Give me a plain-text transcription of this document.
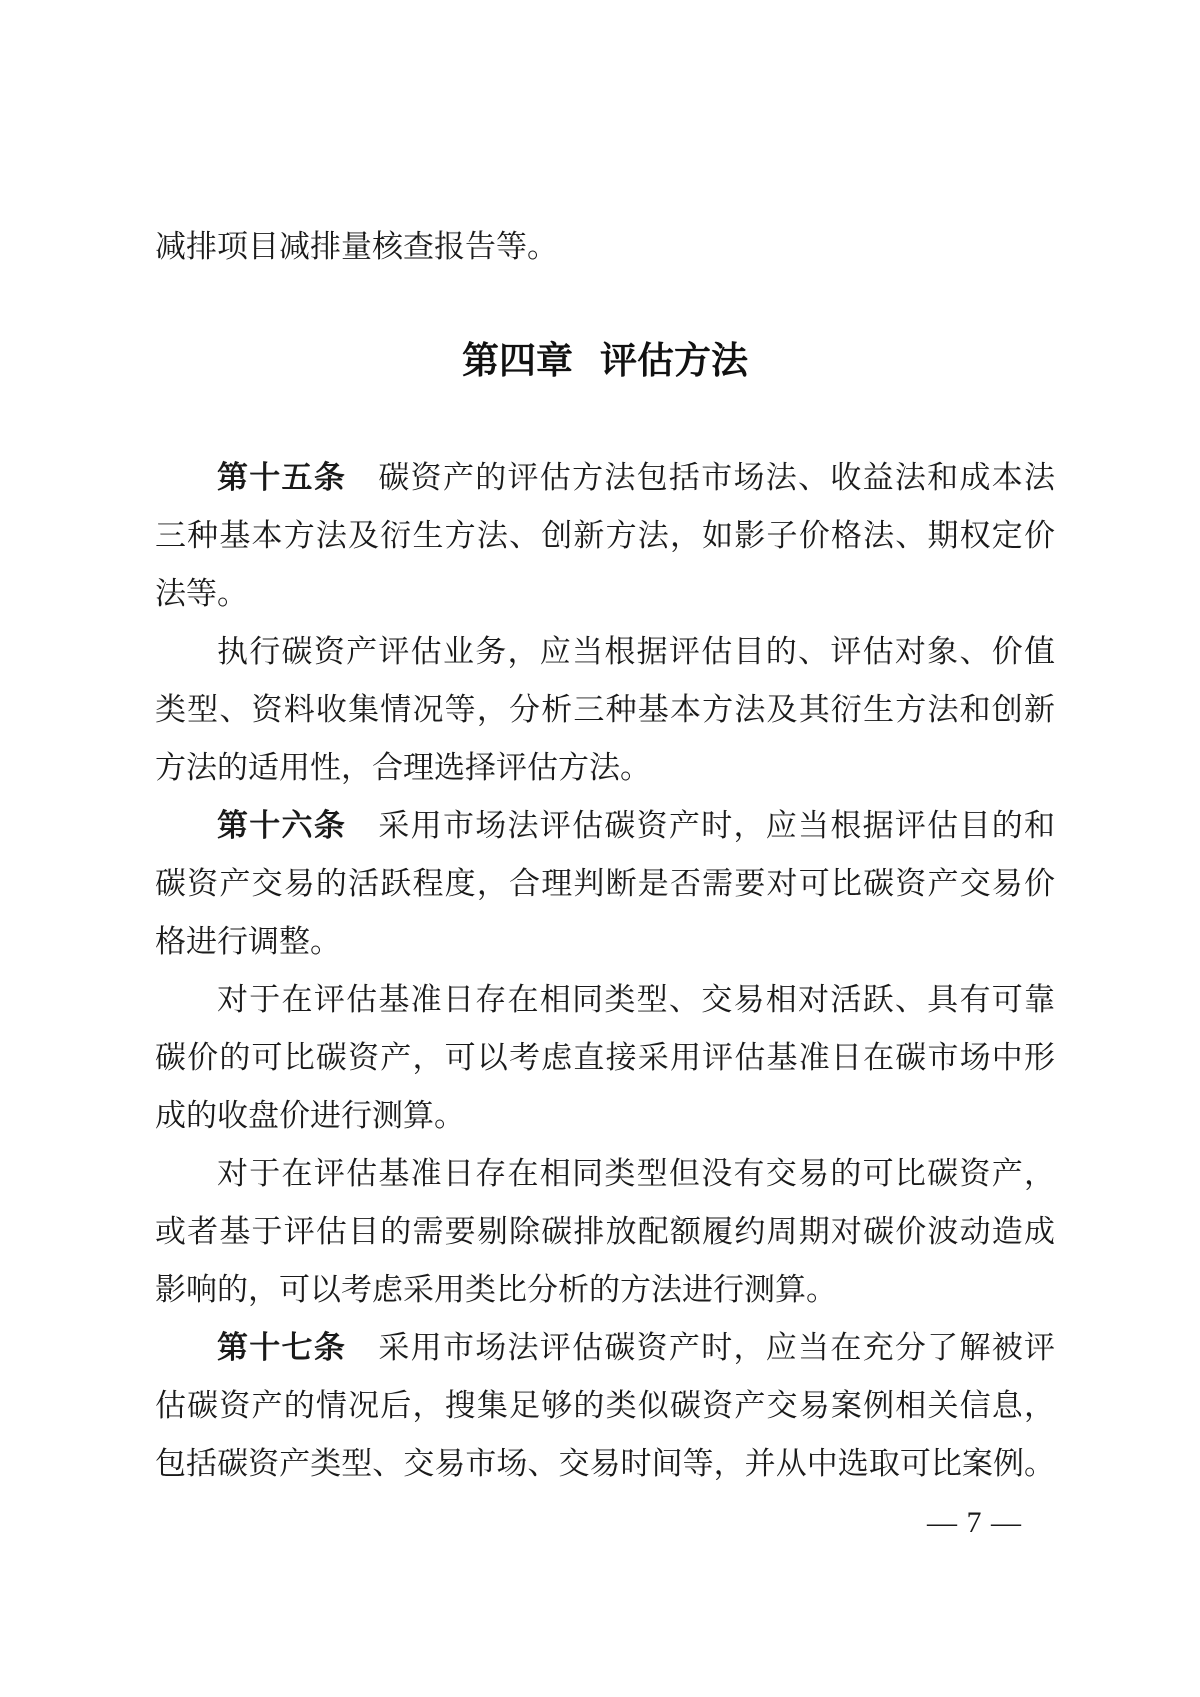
减排项目减排量核查报告等。
第四章 评估方法
第十五条　碳资产的评估方法包括市场法、收益法和成本法
三种基本方法及衍生方法、创新方法，如影子价格法、期权定价
法等。
执行碳资产评估业务，应当根据评估目的、评估对象、价值
类型、资料收集情况等，分析三种基本方法及其衍生方法和创新
方法的适用性，合理选择评估方法。
第十六条　采用市场法评估碳资产时，应当根据评估目的和
碳资产交易的活跃程度，合理判断是否需要对可比碳资产交易价
格进行调整。
对于在评估基准日存在相同类型、交易相对活跃、具有可靠
碳价的可比碳资产，可以考虑直接采用评估基准日在碳市场中形
成的收盘价进行测算。
对于在评估基准日存在相同类型但没有交易的可比碳资产，
或者基于评估目的需要剔除碳排放配额履约周期对碳价波动造成
影响的，可以考虑采用类比分析的方法进行测算。
第十七条　采用市场法评估碳资产时，应当在充分了解被评
估碳资产的情况后，搜集足够的类似碳资产交易案例相关信息，
包括碳资产类型、交易市场、交易时间等，并从中选取可比案例。
— 7 —
